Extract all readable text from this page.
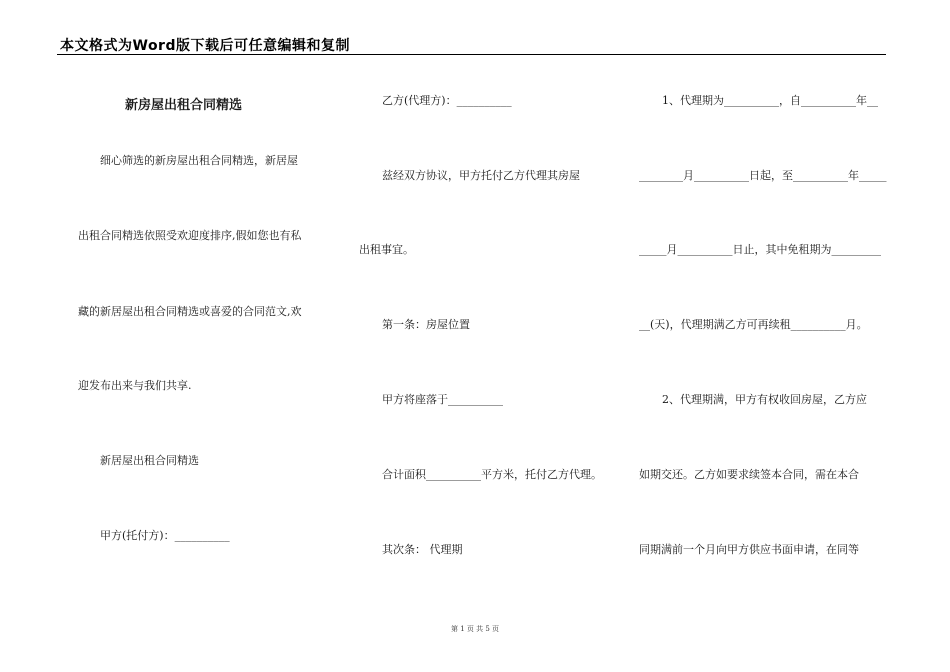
本文格式为Word版下载后可任意编辑和复制
新房屋出租合同精选
细心筛选的新房屋出租合同精选，新居屋
出租合同精选依照受欢迎度排序,假如您也有私
藏的新居屋出租合同精选或喜爱的合同范文,欢
迎发布出来与我们共享.
新居屋出租合同精选
甲方(托付方)：__________
乙方(代理方)：__________
兹经双方协议，甲方托付乙方代理其房屋
出租事宜。
第一条：房屋位置
甲方将座落于__________
合计面积__________平方米，托付乙方代理。
其次条： 代理期
1、代理期为__________，自__________年__
________月__________日起，至__________年_____
_____月__________日止，其中免租期为_________
__(天)，代理期满乙方可再续租__________月。
2、代理期满，甲方有权收回房屋，乙方应
如期交还。乙方如要求续签本合同，需在本合
同期满前一个月向甲方供应书面申请，在同等
第 1 页 共 5 页
